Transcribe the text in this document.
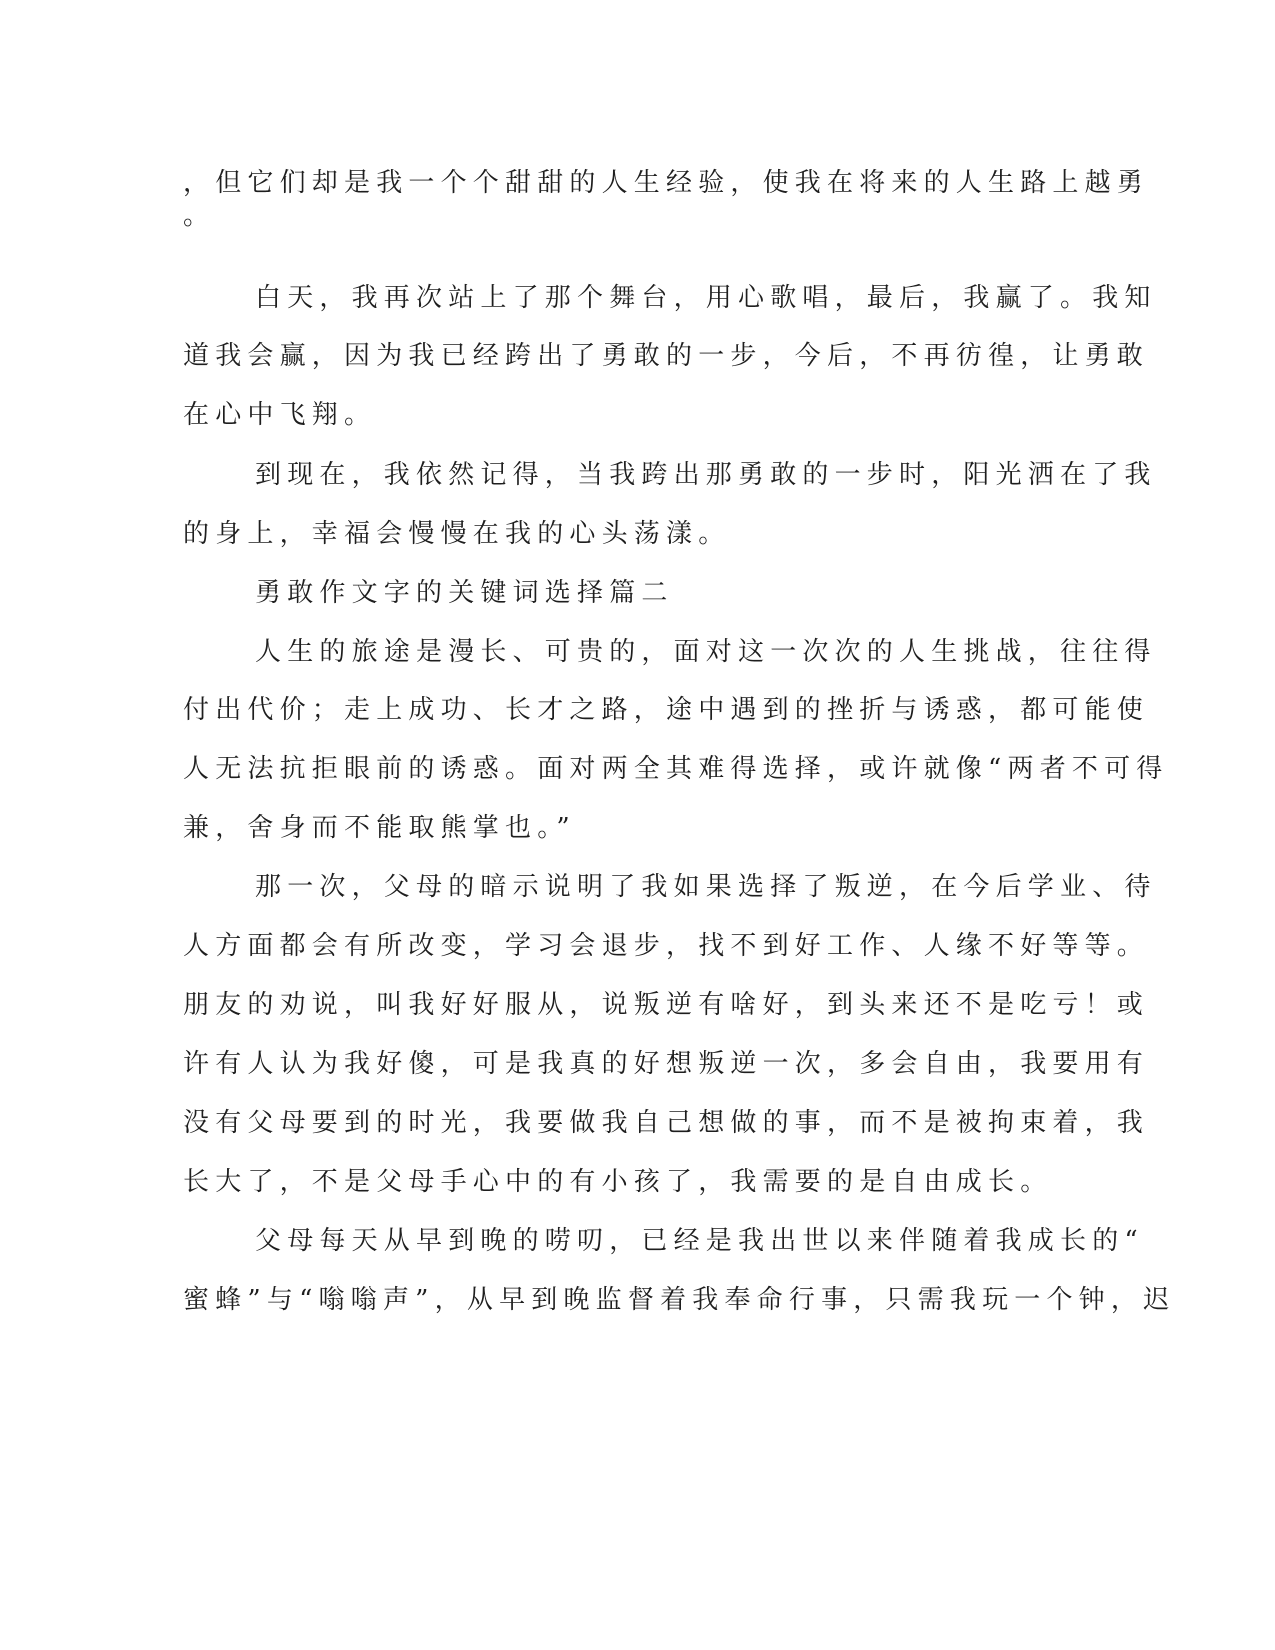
，但它们却是我一个个甜甜的人生经验，使我在将来的人生路上越勇
。
白天，我再次站上了那个舞台，用心歌唱，最后，我赢了。我知
道我会赢，因为我已经跨出了勇敢的一步，今后，不再彷徨，让勇敢
在心中飞翔。
到现在，我依然记得，当我跨出那勇敢的一步时，阳光洒在了我
的身上，幸福会慢慢在我的心头荡漾。
勇敢作文字的关键词选择篇二
人生的旅途是漫长、可贵的，面对这一次次的人生挑战，往往得
付出代价；走上成功、长才之路，途中遇到的挫折与诱惑，都可能使
人无法抗拒眼前的诱惑。面对两全其难得选择，或许就像“两者不可得
兼，舍身而不能取熊掌也。”
那一次，父母的暗示说明了我如果选择了叛逆，在今后学业、待
人方面都会有所改变，学习会退步，找不到好工作、人缘不好等等。
朋友的劝说，叫我好好服从，说叛逆有啥好，到头来还不是吃亏！或
许有人认为我好傻，可是我真的好想叛逆一次，多会自由，我要用有
没有父母要到的时光，我要做我自己想做的事，而不是被拘束着，我
长大了，不是父母手心中的有小孩了，我需要的是自由成长。
父母每天从早到晚的唠叨，已经是我出世以来伴随着我成长的“
蜜蜂”与“嗡嗡声”，从早到晚监督着我奉命行事，只需我玩一个钟，迟
